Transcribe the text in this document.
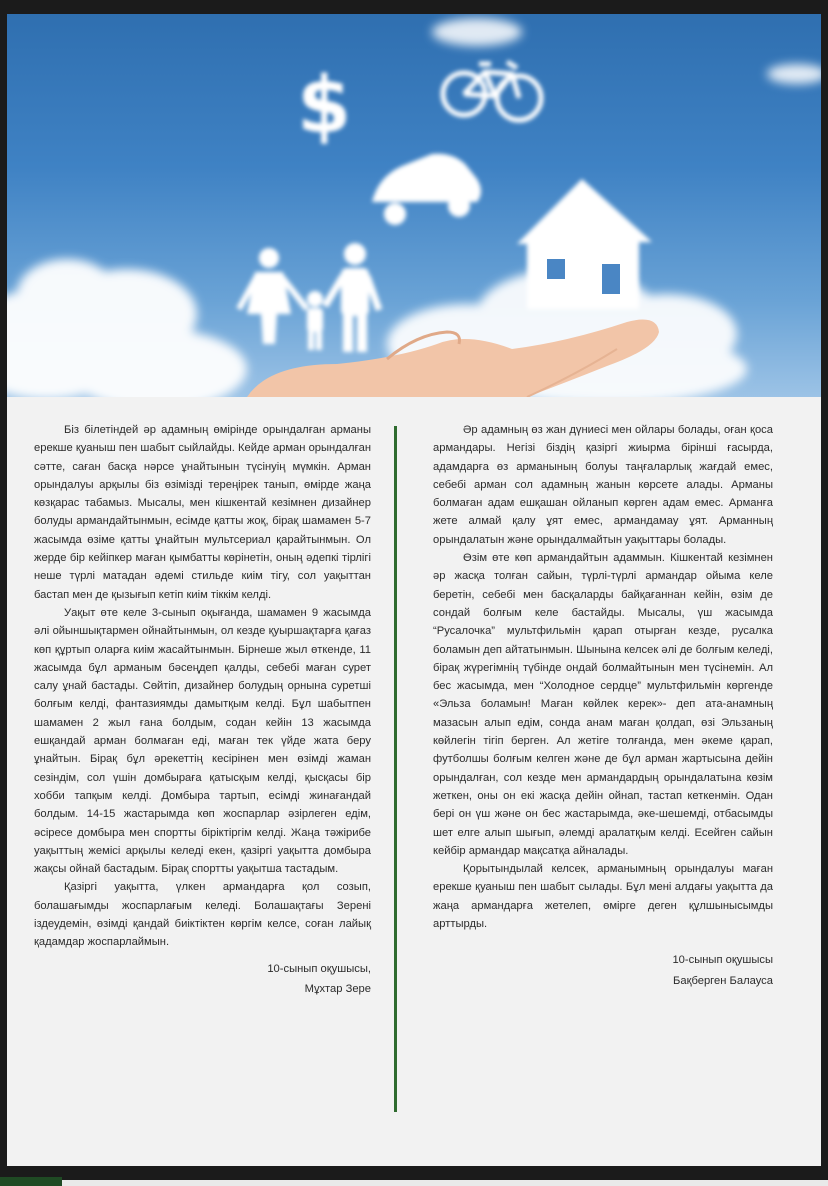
$

Біз білетіндей әр адамның өмірінде орындалған арманы ерекше қуаныш пен шабыт сыйлайды. Кейде арман орындалған сәтте, саған басқа нәрсе ұнайтынын түсінуің мүмкін. Арман орындалуы арқылы біз өзімізді тереңірек танып, өмірде жаңа көзқарас табамыз. Мысалы, мен кішкентай кезімнен дизайнер болуды армандайтынмын, есімде қатты жоқ, бірақ шамамен 5-7 жасымда өзіме қатты ұнайтын мультсериал қарайтынмын. Ол жерде бір кейіпкер маған қымбатты көрінетін, оның әдепкі тірлігі неше түрлі матадан әдемі стильде киім тігу, сол уақыттан бастап мен де қызығып кетіп киім тіккім келді.

Уақыт өте келе 3-сынып оқығанда, шамамен 9 жасымда әлі ойыншықтармен ойнайтынмын, ол кезде қуыршақтарға қағаз көп құртып оларға киім жасайтынмын. Бірнеше жыл өткенде, 11 жасымда бұл арманым бәсеңдеп қалды, себебі маған сурет салу ұнай бастады. Сөйтіп, дизайнер болудың орнына суретші болғым келді, фантазиямды дамытқым келді. Бұл шабытпен шамамен 2 жыл ғана болдым, содан кейін 13 жасымда ешқандай арман болмаған еді, маған тек үйде жата беру ұнайтын. Бірақ бұл әрекеттің кесірінен мен өзімді жаман сезіндім, сол үшін домбыраға қатысқым келді, қысқасы бір хобби тапқым келді. Домбыра тартып, есімді жинағандай болдым. 14-15 жастарымда көп жоспарлар әзірлеген едім, әсіресе домбыра мен спортты біріктіргім келді. Жаңа тәжірибе уақыттың жемісі арқылы келеді екен, қазіргі уақытта домбыра жақсы ойнай бастадым. Бірақ спортты уақытша тастадым.

Қазіргі уақытта, үлкен армандарға қол созып, болашағымды жоспарлағым келеді. Болашақтағы Зерені іздеудемін, өзімді қандай биіктіктен көргім келсе, соған лайық қадамдар жоспарлаймын.

10-сынып оқушысы,

Мұхтар Зере

Әр адамның өз жан дүниесі мен ойлары болады, оған қоса армандары. Негізі біздің қазіргі жиырма бірінші ғасырда, адамдарға өз арманының болуы таңғаларлық жағдай емес, себебі арман сол адамның жанын көрсете алады. Арманы болмаған адам ешқашан ойланып көрген адам емес. Арманға жете алмай қалу ұят емес, армандамау ұят. Арманның орындалатын және орындалмайтын уақыттары болады.

Өзім өте көп армандайтын адаммын. Кішкентай кезімнен әр жасқа толған сайын, түрлі-түрлі армандар ойыма келе беретін, себебі мен басқаларды байқағаннан кейін, өзім де сондай болғым келе бастайды. Мысалы, үш жасымда “Русалочка” мультфильмін қарап отырған кезде, русалка боламын деп айтатынмын. Шынына келсек әлі де болғым келеді, бірақ жүрегімнің түбінде ондай болмайтынын мен түсінемін. Ал бес жасымда, мен “Холодное сердце” мультфильмін көргенде «Эльза боламын! Маған көйлек керек»- деп ата-анамның мазасын алып едім, сонда анам маған қолдап, өзі Эльзаның көйлегін тігіп берген. Ал жетіге толғанда, мен әкеме қарап, футболшы болғым келген және де бұл арман жартысына дейін орындалған, сол кезде мен армандардың орындалатына көзім жеткен, оны он екі жасқа дейін ойнап, тастап кеткенмін. Одан бері он үш және он бес жастарымда, әке-шешемді, отбасымды шет елге алып шығып, әлемді аралатқым келді. Есейген сайын кейбір армандар мақсатқа айналады.

Қорытындылай келсек, арманымның орындалуы маған ерекше қуаныш пен шабыт сылады. Бұл мені алдағы уақытта да жаңа армандарға жетелеп, өмірге деген құлшынысымды арттырды.

10-сынып оқушысы

Бақберген Балауса
